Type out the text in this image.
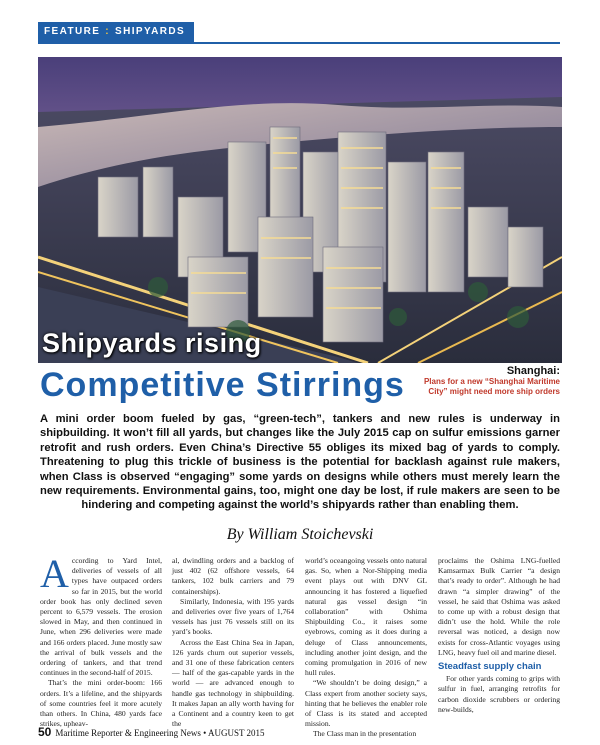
FEATURE : SHIPYARDS
Shipyards rising
Competitive Stirrings	Shanghai:
Plans for a new “Shanghai Maritime City” might need more ship orders
A mini order boom fueled by gas, “green-tech”, tankers and new rules is underway in shipbuilding. It won’t fill all yards, but changes like the July 2015 cap on sulfur emissions garner retrofit and rush orders. Even China’s Directive 55 obliges its mixed bag of yards to comply. Threatening to plug this trickle of business is the potential for backlash against rule makers, when Class is observed “engaging” some yards on designs while others must merely learn the new requirements. Environmental gains, too, might one day be lost, if rule makers are seen to be hindering and competing against the world’s shipyards rather than enabling them.
By William Stoichevski

According to Yard Intel, deliveries of vessels of all types have outpaced orders so far in 2015, but the world order book has only declined seven percent to 6,579 vessels. The erosion slowed in May, and then continued in June, when 296 deliveries were made and 166 orders placed. June mostly saw the arrival of bulk vessels and the ordering of tankers, and that trend continues in the second-half of 2015.

That’s the mini order-boom: 166 orders. It’s a lifeline, and the shipyards of some countries feel it more acutely than others. In China, 480 yards face strikes, upheav-

al, dwindling orders and a backlog of just 402 (62 offshore vessels, 64 tankers, 102 bulk carriers and 79 containerships).

Similarly, Indonesia, with 195 yards and deliveries over five years of 1,764 vessels has just 76 vessels still on its yard’s books.

Across the East China Sea in Japan, 126 yards churn out superior vessels, and 31 one of these fabrication centers — half of the gas-capable yards in the world — are advanced enough to handle gas technology in shipbuilding. It makes Japan an ally worth having for a Continent and a country keen to get the

world’s oceangoing vessels onto natural gas. So, when a Nor-Shipping media event plays out with DNV GL announcing it has fostered a liquefied natural gas vessel design “in collaboration” with Oshima Shipbuilding Co., it raises some eyebrows, coming as it does during a deluge of Class announcements, including another joint design, and the coming promulgation in 2016 of new hull rules.

“We shouldn’t be doing design,” a Class expert from another society says, hinting that he believes the enabler role of Class is its stated and accepted mission.

The Class man in the presentation

proclaims the Oshima LNG-fuelled Kamsarmax Bulk Carrier “a design that’s ready to order”. Although he had drawn “a simpler drawing” of the vessel, he said that Oshima was asked to come up with a robust design that didn’t use the hold. While the role reversal was noticed, a design now exists for cross-Atlantic voyages using LNG, heavy fuel oil and marine diesel.

Steadfast supply chain

For other yards coming to grips with sulfur in fuel, arranging retrofits for carbon dioxide scrubbers or ordering new-builds,

50 Maritime Reporter & Engineering News • AUGUST 2015
